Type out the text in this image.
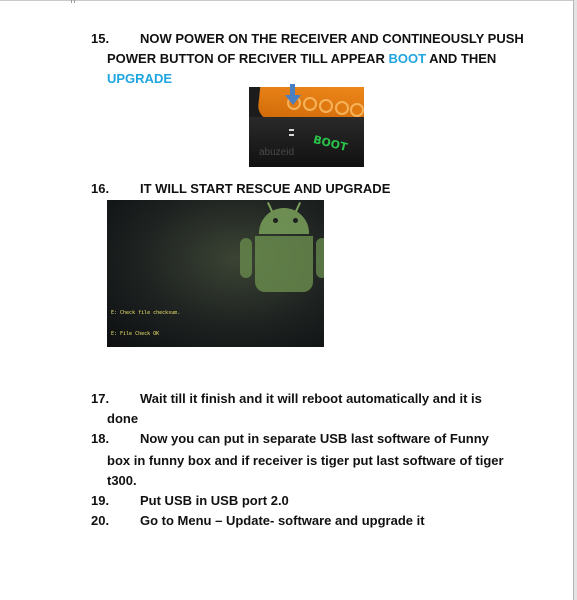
15. NOW POWER ON THE RECEIVER AND CONTINEOUSLY PUSH
POWER BUTTON OF RECIVER TILL APPEAR BOOT AND THEN
UPGRADE
BOOT
abuzeid
16. IT WILL START RESCUE AND UPGRADE

E: Check file checksum.

E: File Check OK

17. Wait till it finish and it will reboot automatically and it is
done
18. Now you can put in separate USB last software of Funny
box in funny box and if receiver is tiger put last software of tiger
t300.
19. Put USB in USB port 2.0
20. Go to Menu – Update- software and upgrade it
